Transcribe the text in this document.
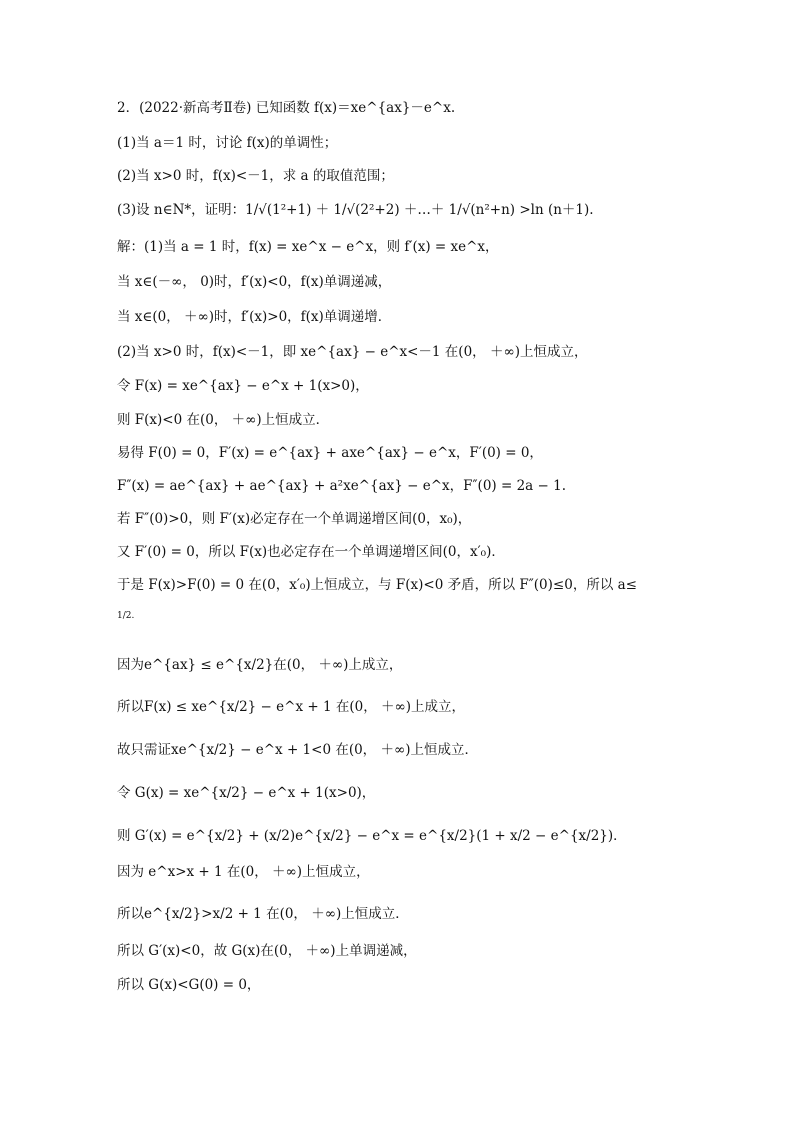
2．(2022·新高考Ⅱ卷) 已知函数 f(x)＝xe^{ax}－e^x.
(1)当 a＝1 时，讨论 f(x)的单调性；
(2)当 x>0 时，f(x)<－1，求 a 的取值范围；
(3)设 n∈N*，证明：1/√(1²+1) ＋ 1/√(2²+2) ＋…＋ 1/√(n²+n) >ln (n＋1).
解：(1)当 a = 1 时，f(x) = xe^x − e^x，则 f′(x) = xe^x，
当 x∈(－∞， 0)时，f′(x)<0，f(x)单调递减，
当 x∈(0， ＋∞)时，f′(x)>0，f(x)单调递增．
(2)当 x>0 时，f(x)<－1，即 xe^{ax} − e^x<－1 在(0， ＋∞)上恒成立，
令 F(x) = xe^{ax} − e^x + 1(x>0)，
则 F(x)<0 在(0， ＋∞)上恒成立．
易得 F(0) = 0，F′(x) = e^{ax} + axe^{ax} − e^x，F′(0) = 0，
F″(x) = ae^{ax} + ae^{ax} + a²xe^{ax} − e^x，F″(0) = 2a − 1.
若 F″(0)>0，则 F′(x)必定存在一个单调递增区间(0，x₀)，
又 F′(0) = 0，所以 F(x)也必定存在一个单调递增区间(0，x′₀)．
于是 F(x)>F(0) = 0 在(0，x′₀)上恒成立，与 F(x)<0 矛盾，所以 F″(0)≤0，所以 a≤
1/2.
因为e^{ax} ≤ e^{x/2}在(0， ＋∞)上成立，
所以F(x) ≤ xe^{x/2} − e^x + 1 在(0， ＋∞)上成立，
故只需证xe^{x/2} − e^x + 1<0 在(0， ＋∞)上恒成立．
令 G(x) = xe^{x/2} − e^x + 1(x>0)，
则 G′(x) = e^{x/2} + (x/2)e^{x/2} − e^x = e^{x/2}(1 + x/2 − e^{x/2})．
因为 e^x>x + 1 在(0， ＋∞)上恒成立，
所以e^{x/2}>x/2 + 1 在(0， ＋∞)上恒成立．
所以 G′(x)<0，故 G(x)在(0， ＋∞)上单调递减，
所以 G(x)<G(0) = 0，
